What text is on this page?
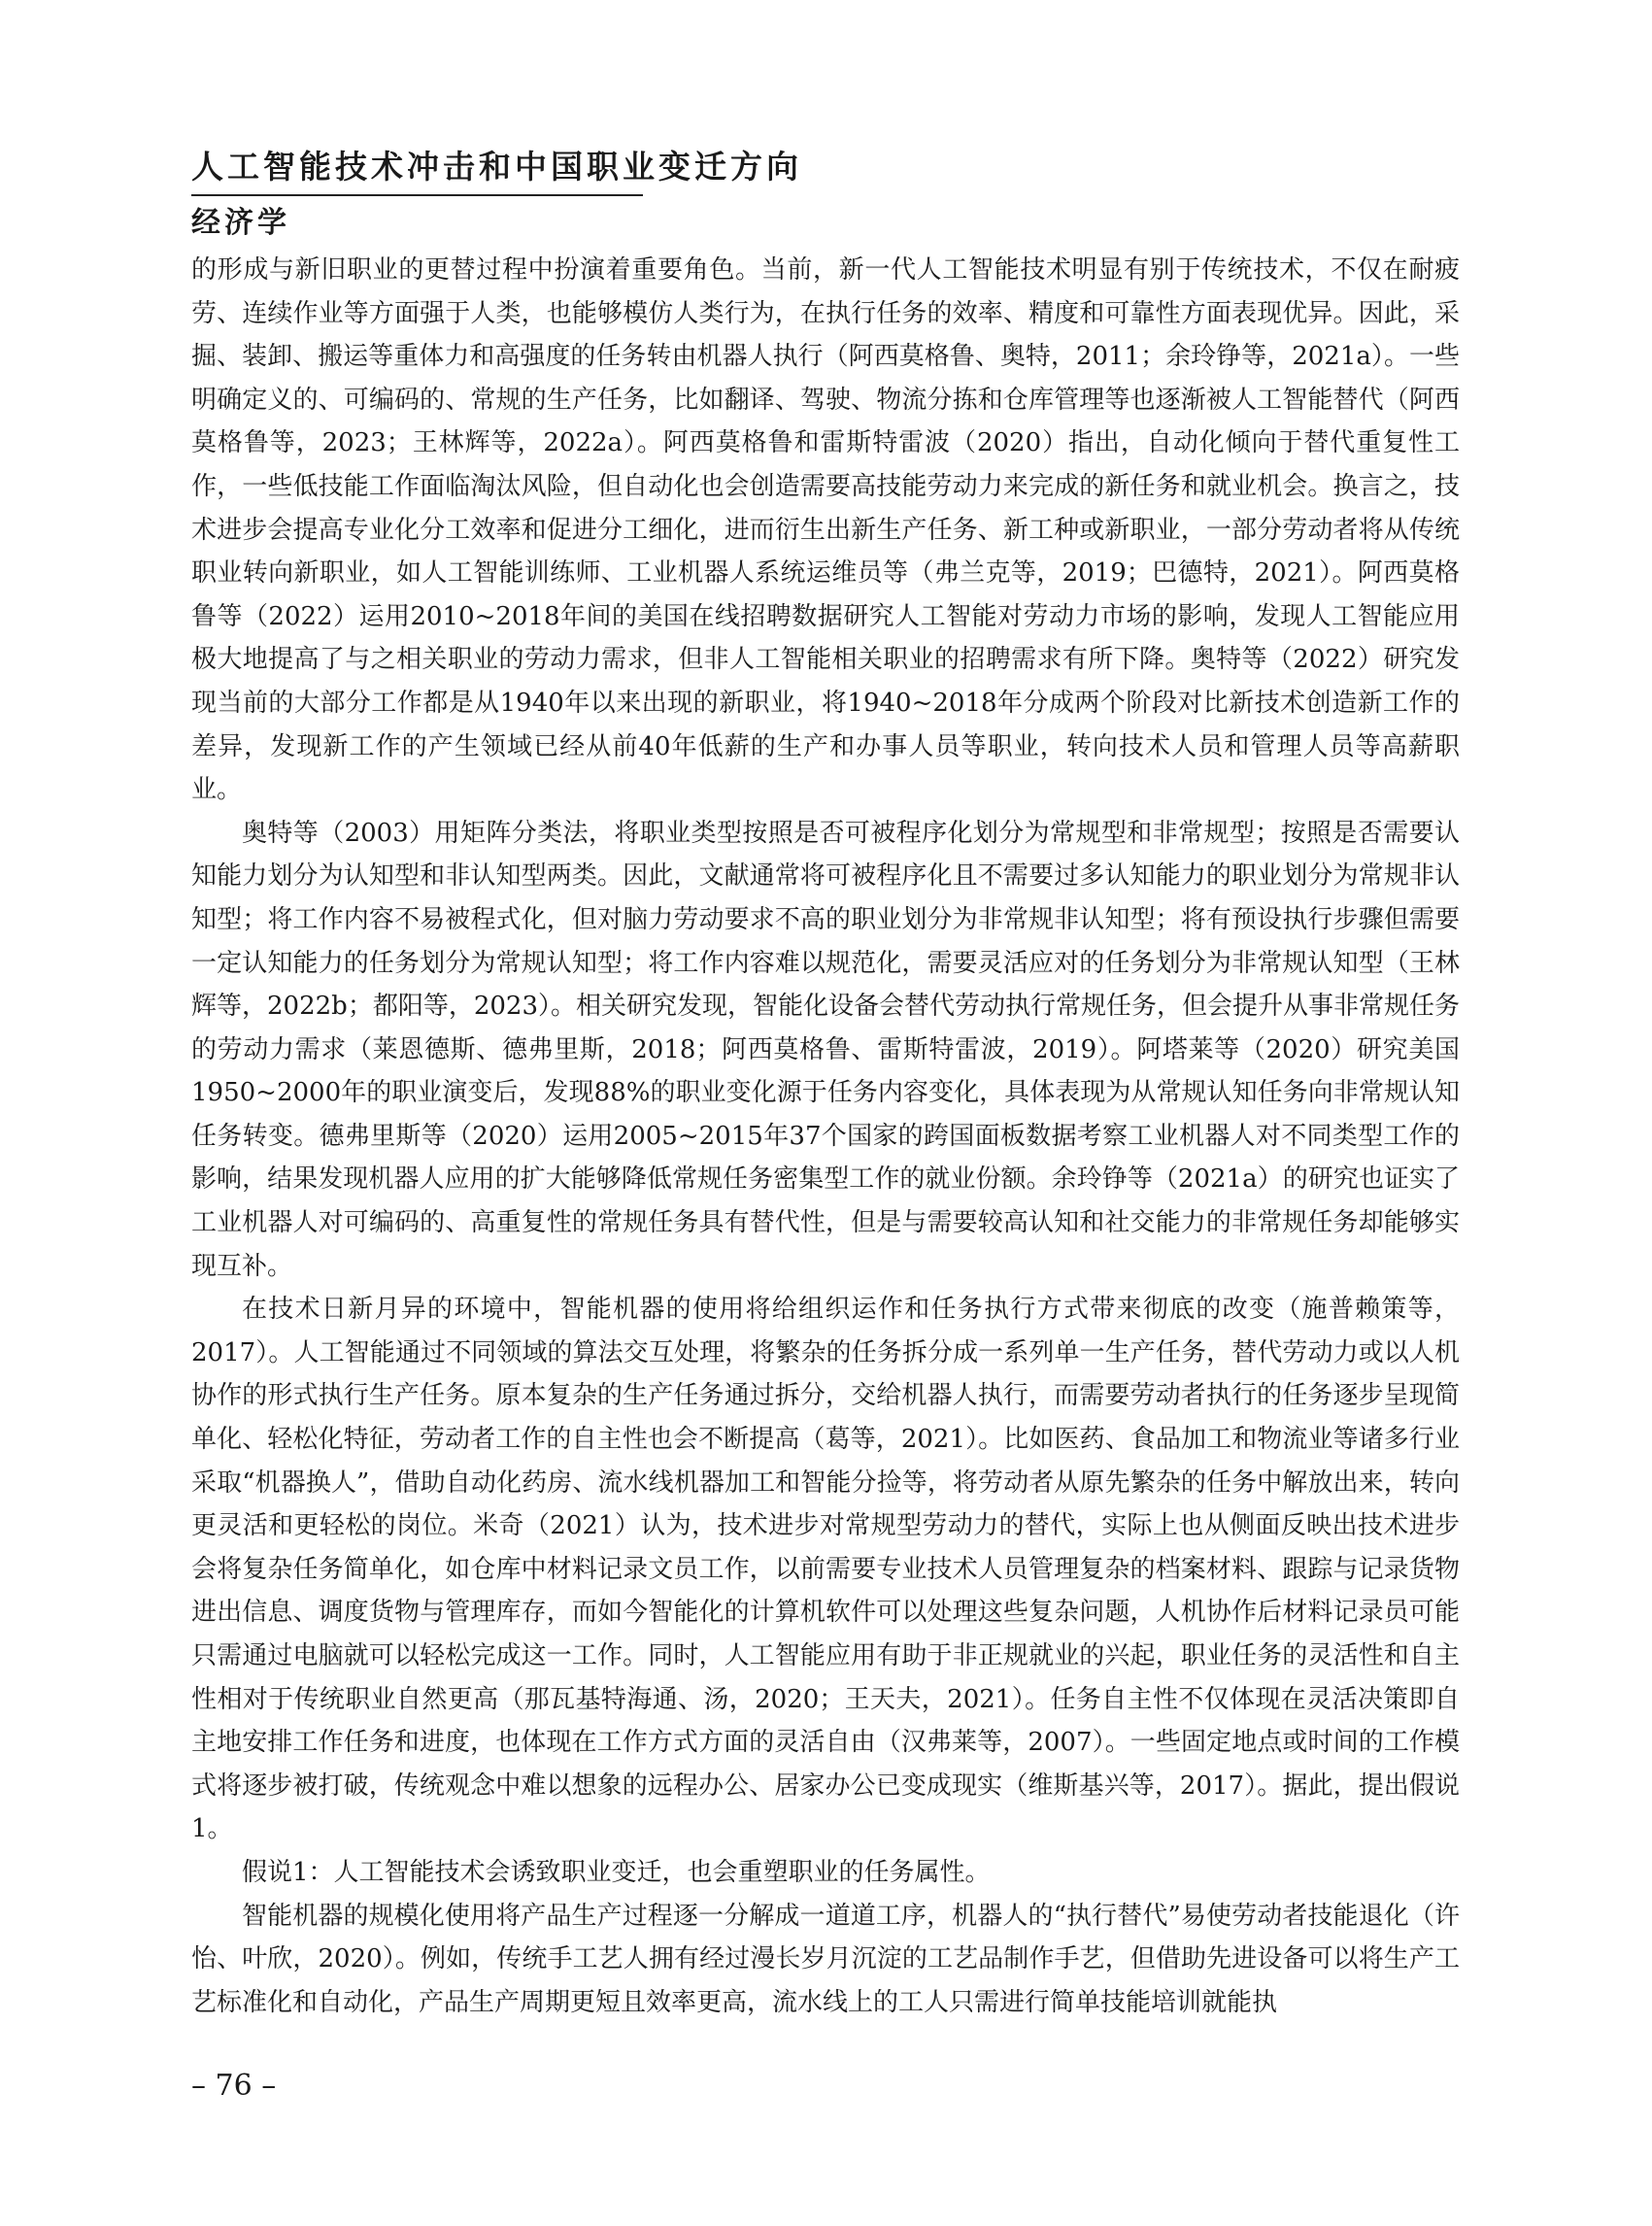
人工智能技术冲击和中国职业变迁方向
经济学

的形成与新旧职业的更替过程中扮演着重要角色。当前，新一代人工智能技术明显有别于传统技术，不仅在耐疲劳、连续作业等方面强于人类，也能够模仿人类行为，在执行任务的效率、精度和可靠性方面表现优异。因此，采掘、装卸、搬运等重体力和高强度的任务转由机器人执行（阿西莫格鲁、奥特，2011；余玲铮等，2021a）。一些明确定义的、可编码的、常规的生产任务，比如翻译、驾驶、物流分拣和仓库管理等也逐渐被人工智能替代（阿西莫格鲁等，2023；王林辉等，2022a）。阿西莫格鲁和雷斯特雷波（2020）指出，自动化倾向于替代重复性工作，一些低技能工作面临淘汰风险，但自动化也会创造需要高技能劳动力来完成的新任务和就业机会。换言之，技术进步会提高专业化分工效率和促进分工细化，进而衍生出新生产任务、新工种或新职业，一部分劳动者将从传统职业转向新职业，如人工智能训练师、工业机器人系统运维员等（弗兰克等，2019；巴德特，2021）。阿西莫格鲁等（2022）运用2010~2018年间的美国在线招聘数据研究人工智能对劳动力市场的影响，发现人工智能应用极大地提高了与之相关职业的劳动力需求，但非人工智能相关职业的招聘需求有所下降。奥特等（2022）研究发现当前的大部分工作都是从1940年以来出现的新职业，将1940~2018年分成两个阶段对比新技术创造新工作的差异，发现新工作的产生领域已经从前40年低薪的生产和办事人员等职业，转向技术人员和管理人员等高薪职业。

奥特等（2003）用矩阵分类法，将职业类型按照是否可被程序化划分为常规型和非常规型；按照是否需要认知能力划分为认知型和非认知型两类。因此，文献通常将可被程序化且不需要过多认知能力的职业划分为常规非认知型；将工作内容不易被程式化，但对脑力劳动要求不高的职业划分为非常规非认知型；将有预设执行步骤但需要一定认知能力的任务划分为常规认知型；将工作内容难以规范化，需要灵活应对的任务划分为非常规认知型（王林辉等，2022b；都阳等，2023）。相关研究发现，智能化设备会替代劳动执行常规任务，但会提升从事非常规任务的劳动力需求（莱恩德斯、德弗里斯，2018；阿西莫格鲁、雷斯特雷波，2019）。阿塔莱等（2020）研究美国1950~2000年的职业演变后，发现88%的职业变化源于任务内容变化，具体表现为从常规认知任务向非常规认知任务转变。德弗里斯等（2020）运用2005~2015年37个国家的跨国面板数据考察工业机器人对不同类型工作的影响，结果发现机器人应用的扩大能够降低常规任务密集型工作的就业份额。余玲铮等（2021a）的研究也证实了工业机器人对可编码的、高重复性的常规任务具有替代性，但是与需要较高认知和社交能力的非常规任务却能够实现互补。

在技术日新月异的环境中，智能机器的使用将给组织运作和任务执行方式带来彻底的改变（施普赖策等，2017）。人工智能通过不同领域的算法交互处理，将繁杂的任务拆分成一系列单一生产任务，替代劳动力或以人机协作的形式执行生产任务。原本复杂的生产任务通过拆分，交给机器人执行，而需要劳动者执行的任务逐步呈现简单化、轻松化特征，劳动者工作的自主性也会不断提高（葛等，2021）。比如医药、食品加工和物流业等诸多行业采取“机器换人”，借助自动化药房、流水线机器加工和智能分捡等，将劳动者从原先繁杂的任务中解放出来，转向更灵活和更轻松的岗位。米奇（2021）认为，技术进步对常规型劳动力的替代，实际上也从侧面反映出技术进步会将复杂任务简单化，如仓库中材料记录文员工作，以前需要专业技术人员管理复杂的档案材料、跟踪与记录货物进出信息、调度货物与管理库存，而如今智能化的计算机软件可以处理这些复杂问题，人机协作后材料记录员可能只需通过电脑就可以轻松完成这一工作。同时，人工智能应用有助于非正规就业的兴起，职业任务的灵活性和自主性相对于传统职业自然更高（那瓦基特海通、汤，2020；王天夫，2021）。任务自主性不仅体现在灵活决策即自主地安排工作任务和进度，也体现在工作方式方面的灵活自由（汉弗莱等，2007）。一些固定地点或时间的工作模式将逐步被打破，传统观念中难以想象的远程办公、居家办公已变成现实（维斯基兴等，2017）。据此，提出假说1。

假说1：人工智能技术会诱致职业变迁，也会重塑职业的任务属性。

智能机器的规模化使用将产品生产过程逐一分解成一道道工序，机器人的“执行替代”易使劳动者技能退化（许怡、叶欣，2020）。例如，传统手工艺人拥有经过漫长岁月沉淀的工艺品制作手艺，但借助先进设备可以将生产工艺标准化和自动化，产品生产周期更短且效率更高，流水线上的工人只需进行简单技能培训就能执

– 76 –
